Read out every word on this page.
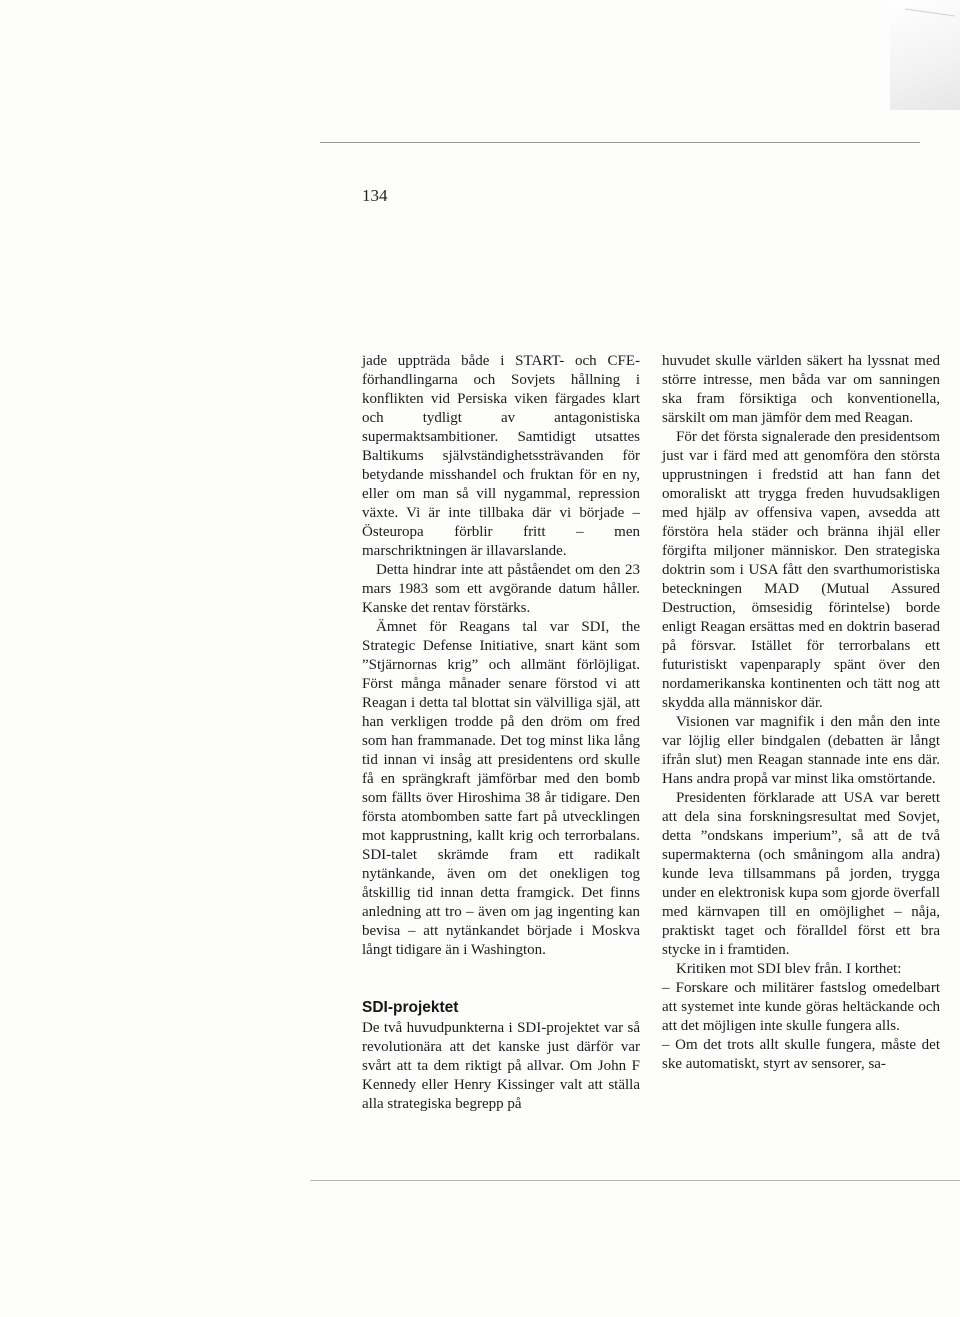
134

jade uppträda både i START- och CFE-förhandlingarna och Sovjets hållning i konflikten vid Persiska viken färgades klart och tydligt av antagonistiska supermaktsambitioner. Samtidigt utsattes Baltikums självständighetssträvanden för betydande misshandel och fruktan för en ny, eller om man så vill nygammal, repression växte. Vi är inte tillbaka där vi började – Östeuropa förblir fritt – men marschriktningen är illavarslande.

Detta hindrar inte att påståendet om den 23 mars 1983 som ett avgörande datum håller. Kanske det rentav förstärks.

Ämnet för Reagans tal var SDI, the Strategic Defense Initiative, snart känt som ”Stjärnornas krig” och allmänt förlöjligat. Först många månader senare förstod vi att Reagan i detta tal blottat sin välvilliga själ, att han verkligen trodde på den dröm om fred som han frammanade. Det tog minst lika lång tid innan vi insåg att presidentens ord skulle få en sprängkraft jämförbar med den bomb som fällts över Hiroshima 38 år tidigare. Den första atombomben satte fart på utvecklingen mot kapprustning, kallt krig och terrorbalans. SDI-talet skrämde fram ett radikalt nytänkande, även om det onekligen tog åtskillig tid innan detta framgick. Det finns anledning att tro – även om jag ingenting kan bevisa – att nytänkandet började i Moskva långt tidigare än i Washington.

SDI-projektet

De två huvudpunkterna i SDI-projektet var så revolutionära att det kanske just därför var svårt att ta dem riktigt på allvar. Om John F Kennedy eller Henry Kissinger valt att ställa alla strategiska begrepp på

huvudet skulle världen säkert ha lyssnat med större intresse, men båda var om sanningen ska fram försiktiga och konventionella, särskilt om man jämför dem med Reagan.

För det första signalerade den presidentsom just var i färd med att genomföra den största upprustningen i fredstid att han fann det omoraliskt att trygga freden huvudsakligen med hjälp av offensiva vapen, avsedda att förstöra hela städer och bränna ihjäl eller förgifta miljoner människor. Den strategiska doktrin som i USA fått den svarthumoristiska beteckningen MAD (Mutual Assured Destruction, ömsesidig förintelse) borde enligt Reagan ersättas med en doktrin baserad på försvar. Istället för terrorbalans ett futuristiskt vapenparaply spänt över den nordamerikanska kontinenten och tätt nog att skydda alla människor där.

Visionen var magnifik i den mån den inte var löjlig eller bindgalen (debatten är långt ifrån slut) men Reagan stannade inte ens där. Hans andra propå var minst lika omstörtande.

Presidenten förklarade att USA var berett att dela sina forskningsresultat med Sovjet, detta ”ondskans imperium”, så att de två supermakterna (och småningom alla andra) kunde leva tillsammans på jorden, trygga under en elektronisk kupa som gjorde överfall med kärnvapen till en omöjlighet – nåja, praktiskt taget och föralldel först ett bra stycke in i framtiden.

Kritiken mot SDI blev från. I korthet:

– Forskare och militärer fastslog omedelbart att systemet inte kunde göras heltäckande och att det möjligen inte skulle fungera alls.

– Om det trots allt skulle fungera, måste det ske automatiskt, styrt av sensorer, sa-
